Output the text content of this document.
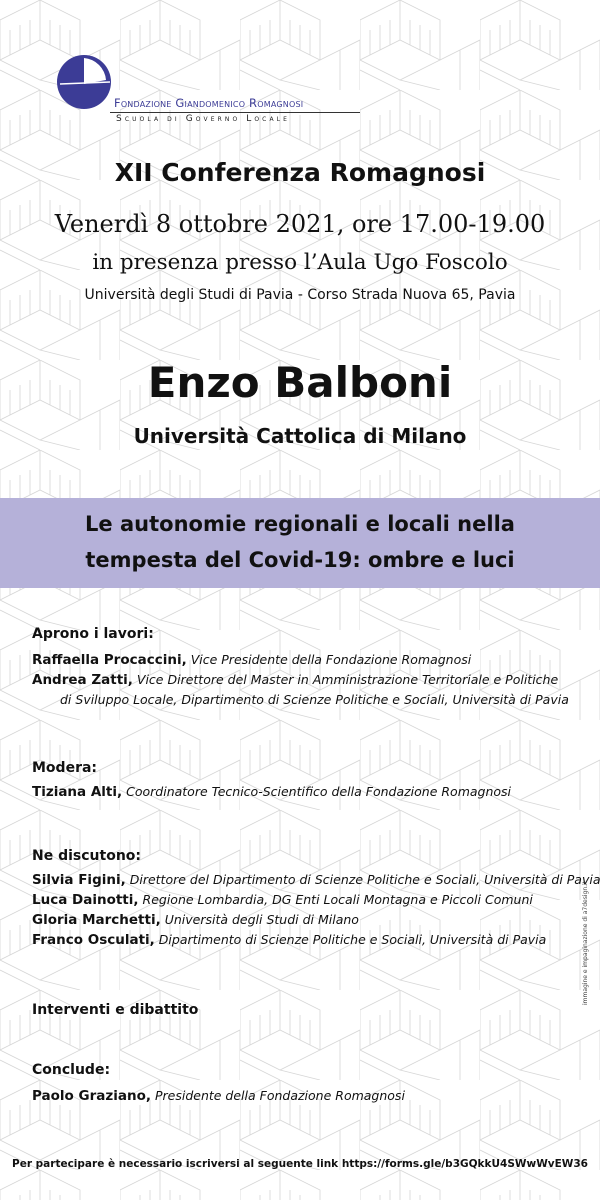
Fondazione Giandomenico Romagnosi
Scuola di Governo Locale
XII Conferenza Romagnosi
Venerdì 8 ottobre 2021, ore 17.00-19.00
in presenza presso l’Aula Ugo Foscolo
Università degli Studi di Pavia - Corso Strada Nuova 65, Pavia
Enzo Balboni
Università Cattolica di Milano
Le autonomie regionali e locali nella
tempesta del Covid-19: ombre e luci
Aprono i lavori:
Raffaella Procaccini, Vice Presidente della Fondazione Romagnosi
Andrea Zatti, Vice Direttore del Master in Amministrazione Territoriale e Politiche
di Sviluppo Locale, Dipartimento di Scienze Politiche e Sociali, Università di Pavia
Modera:
Tiziana Alti, Coordinatore Tecnico-Scientifico della Fondazione Romagnosi
Ne discutono:
Silvia Figini, Direttore del Dipartimento di Scienze Politiche e Sociali, Università di Pavia
Luca Dainotti, Regione Lombardia, DG Enti Locali Montagna e Piccoli Comuni
Gloria Marchetti, Università degli Studi di Milano
Franco Osculati, Dipartimento di Scienze Politiche e Sociali, Università di Pavia
Interventi e dibattito
Conclude:
Paolo Graziano, Presidente della Fondazione Romagnosi
Per partecipare è necessario iscriversi al seguente link https://forms.gle/b3GQkkU4SWwWvEW36
immagine e impaginazione di a7design.it
